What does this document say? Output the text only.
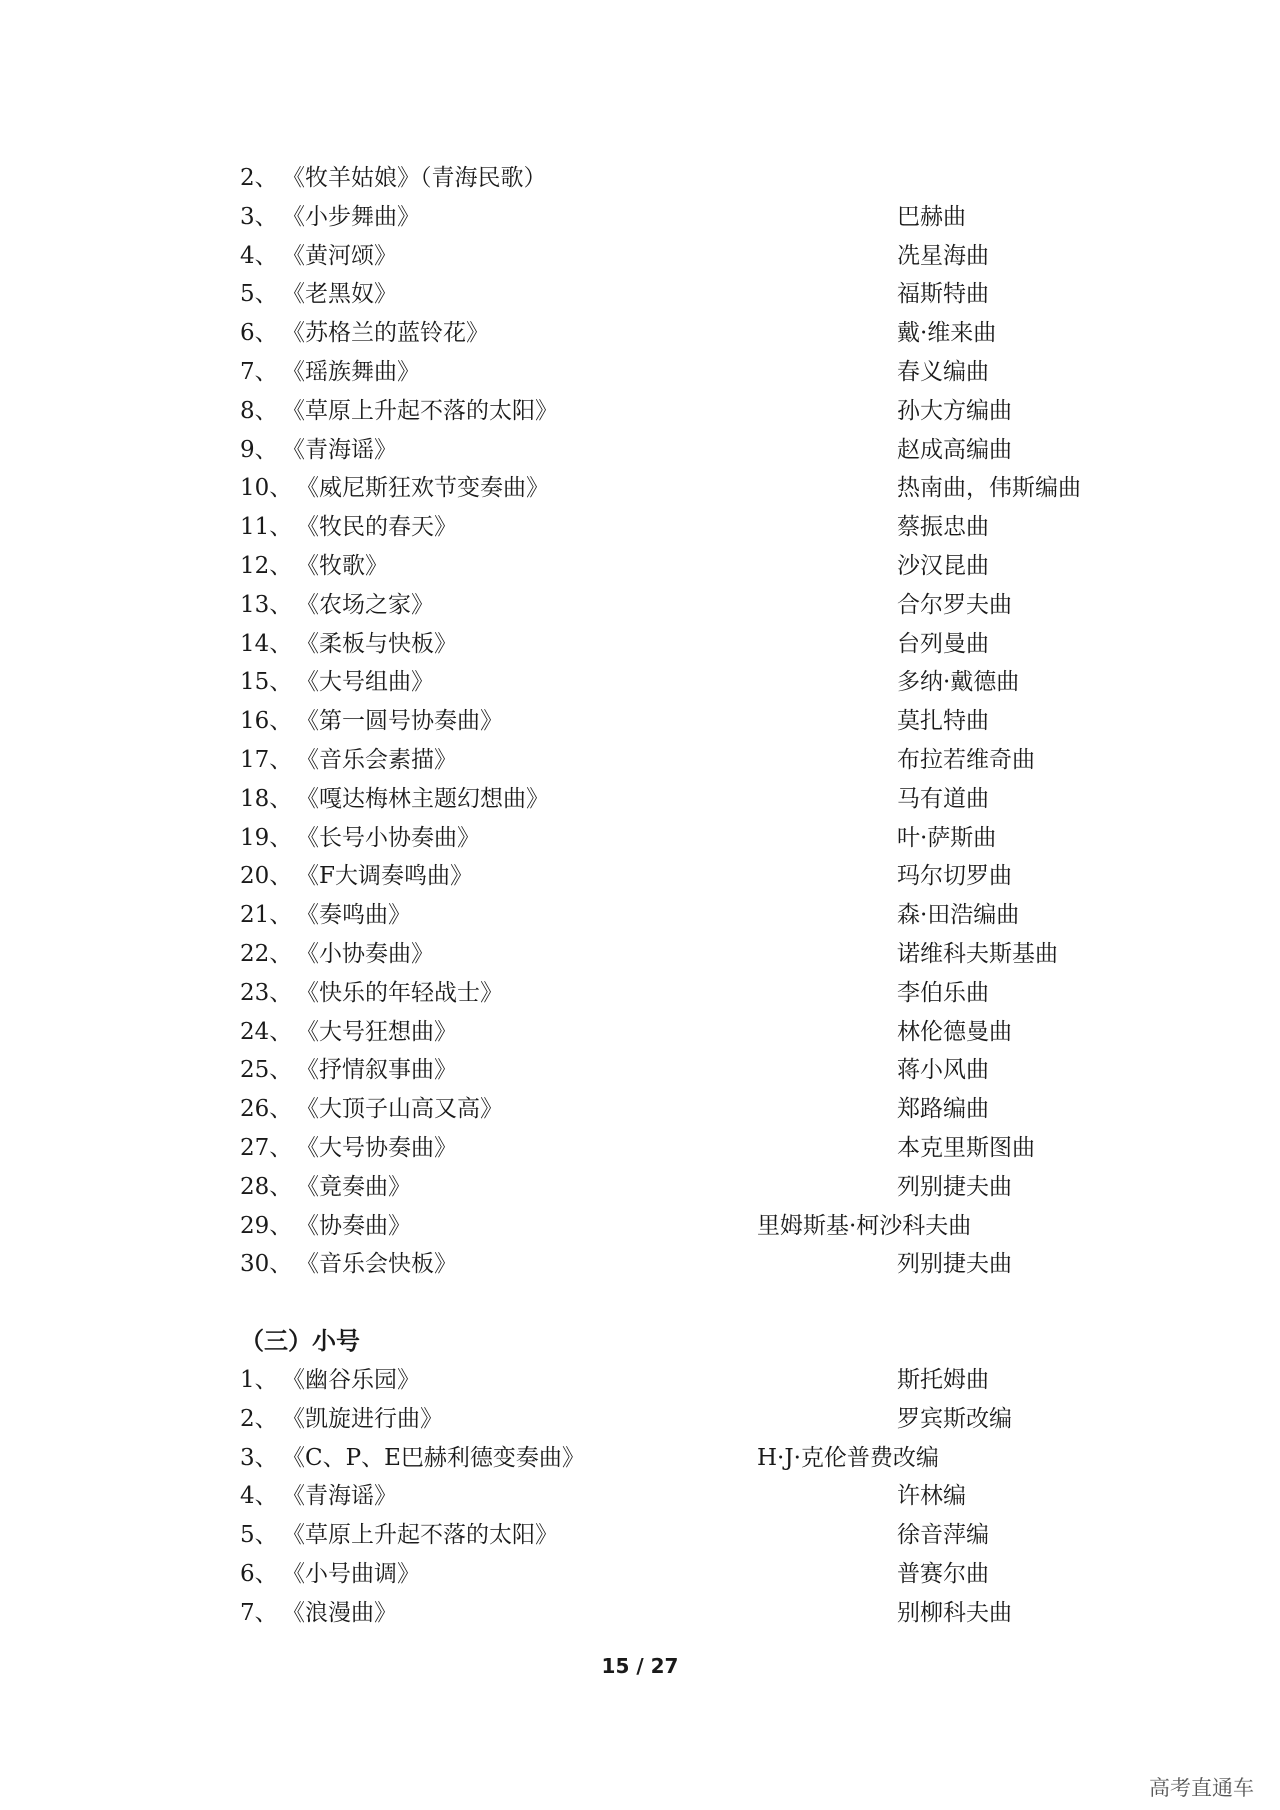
2、 《牧羊姑娘》（青海民歌）
3、 《小步舞曲》	巴赫曲
4、 《黄河颂》	冼星海曲
5、 《老黑奴》	福斯特曲
6、 《苏格兰的蓝铃花》	戴·维来曲
7、 《瑶族舞曲》	春义编曲
8、 《草原上升起不落的太阳》	孙大方编曲
9、 《青海谣》	赵成高编曲
10、 《威尼斯狂欢节变奏曲》	热南曲，伟斯编曲
11、 《牧民的春天》	蔡振忠曲
12、 《牧歌》	沙汉昆曲
13、 《农场之家》	合尔罗夫曲
14、 《柔板与快板》	台列曼曲
15、 《大号组曲》	多纳·戴德曲
16、 《第一圆号协奏曲》	莫扎特曲
17、 《音乐会素描》	布拉若维奇曲
18、 《嘎达梅林主题幻想曲》	马有道曲
19、 《长号小协奏曲》	叶·萨斯曲
20、 《F大调奏鸣曲》	玛尔切罗曲
21、 《奏鸣曲》	森·田浩编曲
22、 《小协奏曲》	诺维科夫斯基曲
23、 《快乐的年轻战士》	李伯乐曲
24、 《大号狂想曲》	林伦德曼曲
25、 《抒情叙事曲》	蒋小风曲
26、 《大顶子山高又高》	郑路编曲
27、 《大号协奏曲》	本克里斯图曲
28、 《竟奏曲》	列别捷夫曲
29、 《协奏曲》	里姆斯基·柯沙科夫曲
30、 《音乐会快板》	列别捷夫曲
（三）小号
1、 《幽谷乐园》	斯托姆曲
2、 《凯旋进行曲》	罗宾斯改编
3、 《C、P、E巴赫利德变奏曲》	H·J·克伦普费改编
4、 《青海谣》	许林编
5、 《草原上升起不落的太阳》	徐音萍编
6、 《小号曲调》	普赛尔曲
7、 《浪漫曲》	别柳科夫曲
15 / 27
高考直通车
